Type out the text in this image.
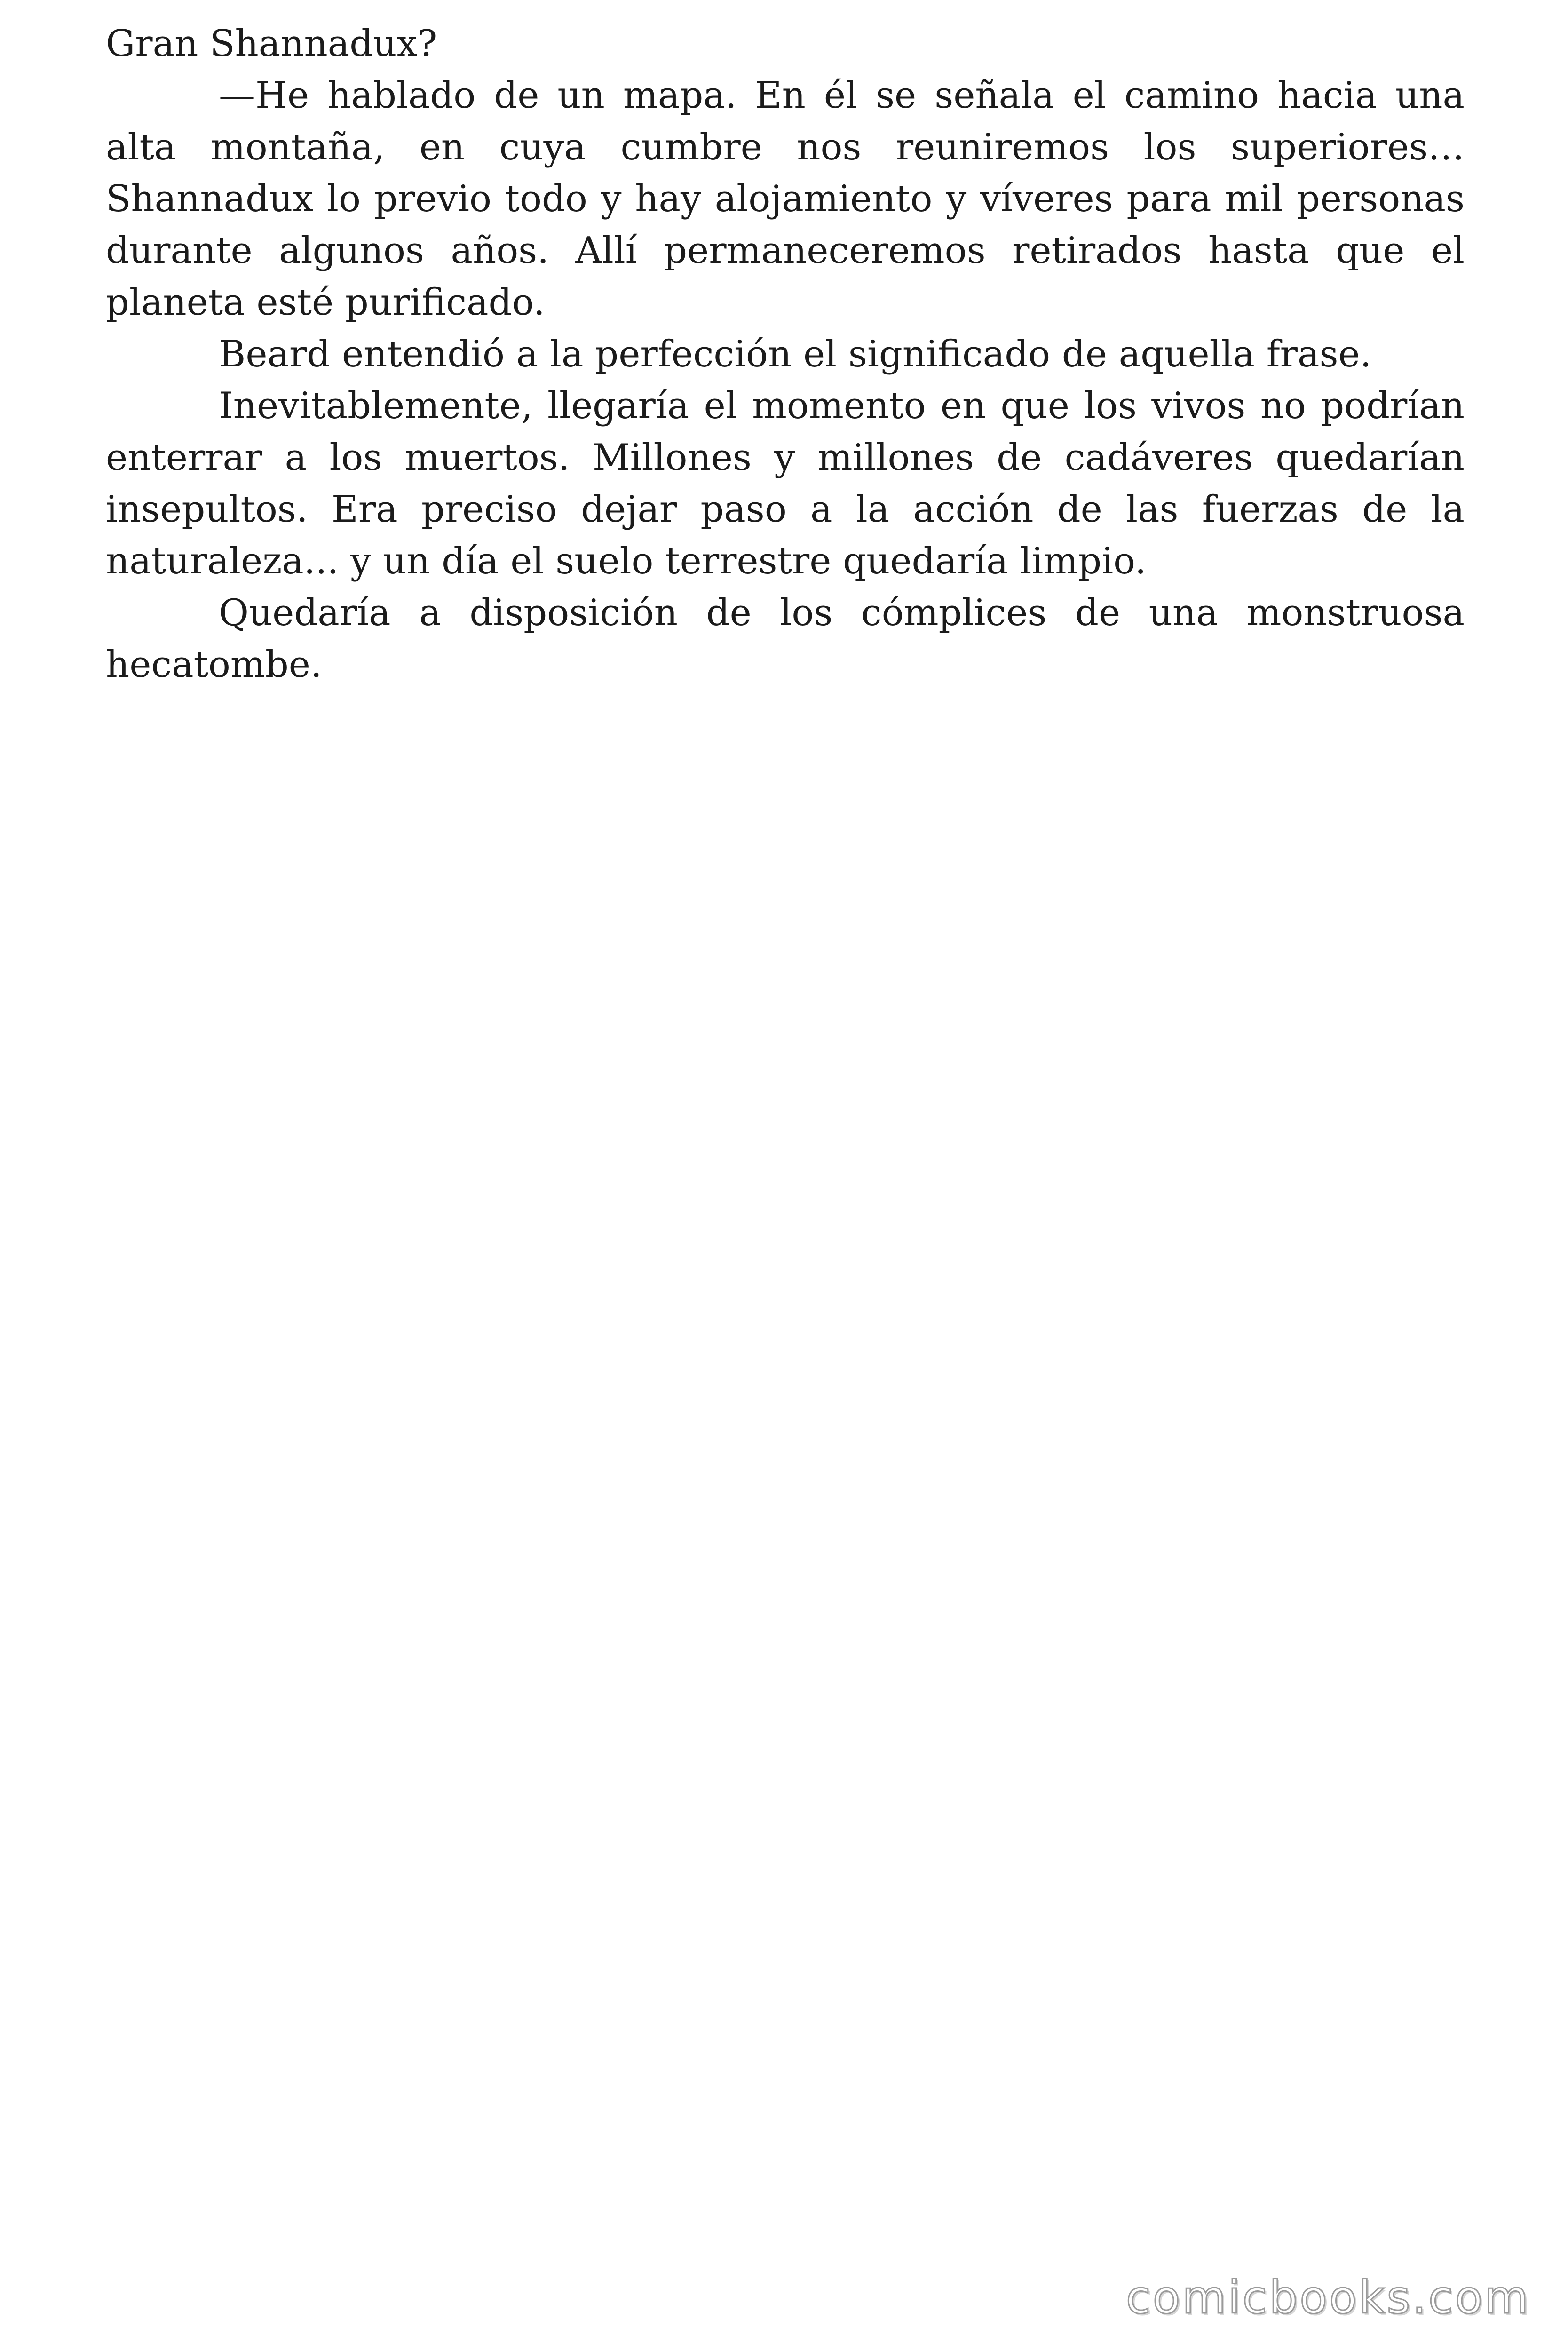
Gran Shannadux?

—He hablado de un mapa. En él se señala el camino hacia una alta montaña, en cuya cumbre nos reuniremos los superiores… Shannadux lo previo todo y hay alojamiento y víveres para mil personas durante algunos años. Allí permaneceremos retirados hasta que el planeta esté purificado.

Beard entendió a la perfección el significado de aquella frase.

Inevitablemente, llegaría el momento en que los vivos no podrían enterrar a los muertos. Millones y millones de cadáveres quedarían insepultos. Era preciso dejar paso a la acción de las fuerzas de la naturaleza... y un día el suelo terrestre quedaría limpio.

Quedaría a disposición de los cómplices de una monstruosa hecatombe.

comicbooks.com
